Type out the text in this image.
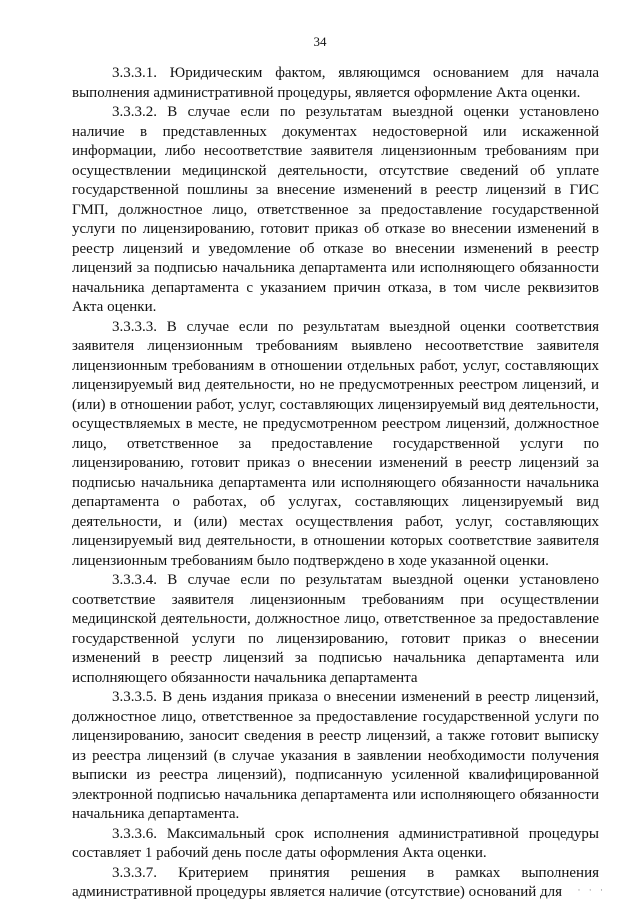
34

3.3.3.1. Юридическим фактом, являющимся основанием для начала выполнения административной процедуры, является оформление Акта оценки.

3.3.3.2. В случае если по результатам выездной оценки установлено наличие в представленных документах недостоверной или искаженной информации, либо несоответствие заявителя лицензионным требованиям при осуществлении медицинской деятельности, отсутствие сведений об уплате государственной пошлины за внесение изменений в реестр лицензий в ГИС ГМП, должностное лицо, ответственное за предоставление государственной услуги по лицензированию, готовит приказ об отказе во внесении изменений в реестр лицензий и уведомление об отказе во внесении изменений в реестр лицензий за подписью начальника департамента или исполняющего обязанности начальника департамента с указанием причин отказа, в том числе реквизитов Акта оценки.

3.3.3.3. В случае если по результатам выездной оценки соответствия заявителя лицензионным требованиям выявлено несоответствие заявителя лицензионным требованиям в отношении отдельных работ, услуг, составляющих лицензируемый вид деятельности, но не предусмотренных реестром лицензий, и (или) в отношении работ, услуг, составляющих лицензируемый вид деятельности, осуществляемых в месте, не предусмотренном реестром лицензий, должностное лицо, ответственное за предоставление государственной услуги по лицензированию, готовит приказ о внесении изменений в реестр лицензий за подписью начальника департамента или исполняющего обязанности начальника департамента о работах, об услугах, составляющих лицензируемый вид деятельности, и (или) местах осуществления работ, услуг, составляющих лицензируемый вид деятельности, в отношении которых соответствие заявителя лицензионным требованиям было подтверждено в ходе указанной оценки.

3.3.3.4. В случае если по результатам выездной оценки установлено соответствие заявителя лицензионным требованиям при осуществлении медицинской деятельности, должностное лицо, ответственное за предоставление государственной услуги по лицензированию, готовит приказ о внесении изменений в реестр лицензий за подписью начальника департамента или исполняющего обязанности начальника департамента

3.3.3.5. В день издания приказа о внесении изменений в реестр лицензий, должностное лицо, ответственное за предоставление государственной услуги по лицензированию, заносит сведения в реестр лицензий, а также готовит выписку из реестра лицензий (в случае указания в заявлении необходимости получения выписки из реестра лицензий), подписанную усиленной квалифицированной электронной подписью начальника департамента или исполняющего обязанности начальника департамента.

3.3.3.6. Максимальный срок исполнения административной процедуры составляет 1 рабочий день после даты оформления Акта оценки.

3.3.3.7. Критерием принятия решения в рамках выполнения административной процедуры является наличие (отсутствие) оснований для	· · ·
